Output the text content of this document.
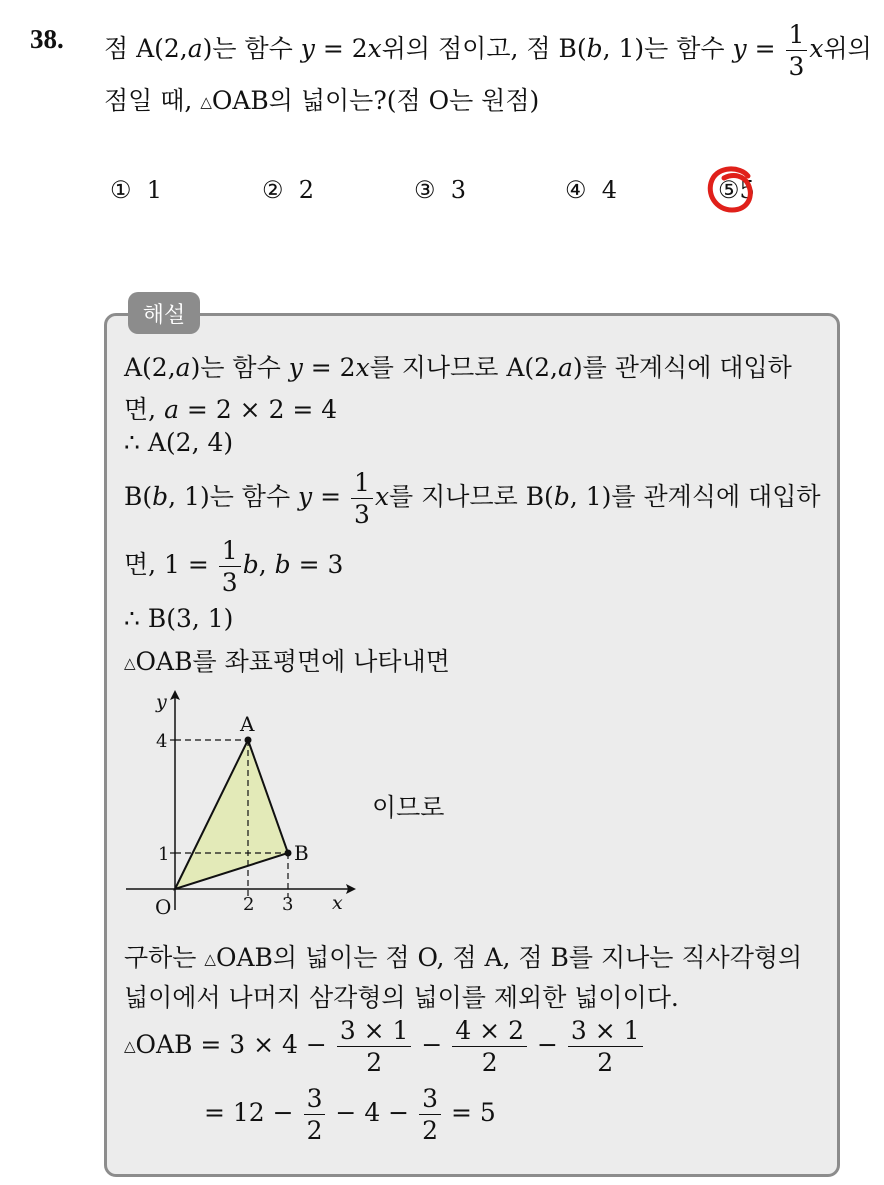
38. 점 A(2,a)는 함수 y = 2x위의 점이고, 점 B(b, 1)는 함수 $y = \frac{1}{3}$ x위의
점일 때, △OAB의 넓이는?(점 O는 원점)
① 1	② 2	③ 3	④ 4	⑤5
해설
A(2,a)는 함수 y = 2x를 지나므로 A(2,a)를 관계식에 대입하
면, a = 2 × 2 = 4
∴ A(2, 4)
B(b, 1)는 함수 $y = \frac{1}{3}$ x를 지나므로 B(b, 1)를 관계식에 대입하
면, $1 = \frac{1}{3} b$, b = 3
∴ B(3, 1)
△OAB를 좌표평면에 나타내면
y
x
O
A
B
4
1
2 3
이므로
구하는 △OAB의 넓이는 점 O, 점 A, 점 B를 지나는 직사각형의
넓이에서 나머지 삼각형의 넓이를 제외한 넓이이다.
△OAB = $3 \times 4 - \frac{3 \times 1}{2} - \frac{4 \times 2}{2} - \frac{3 \times 1}{2}$
= $12 - \frac{3}{2} - 4 - \frac{3}{2} = 5$
